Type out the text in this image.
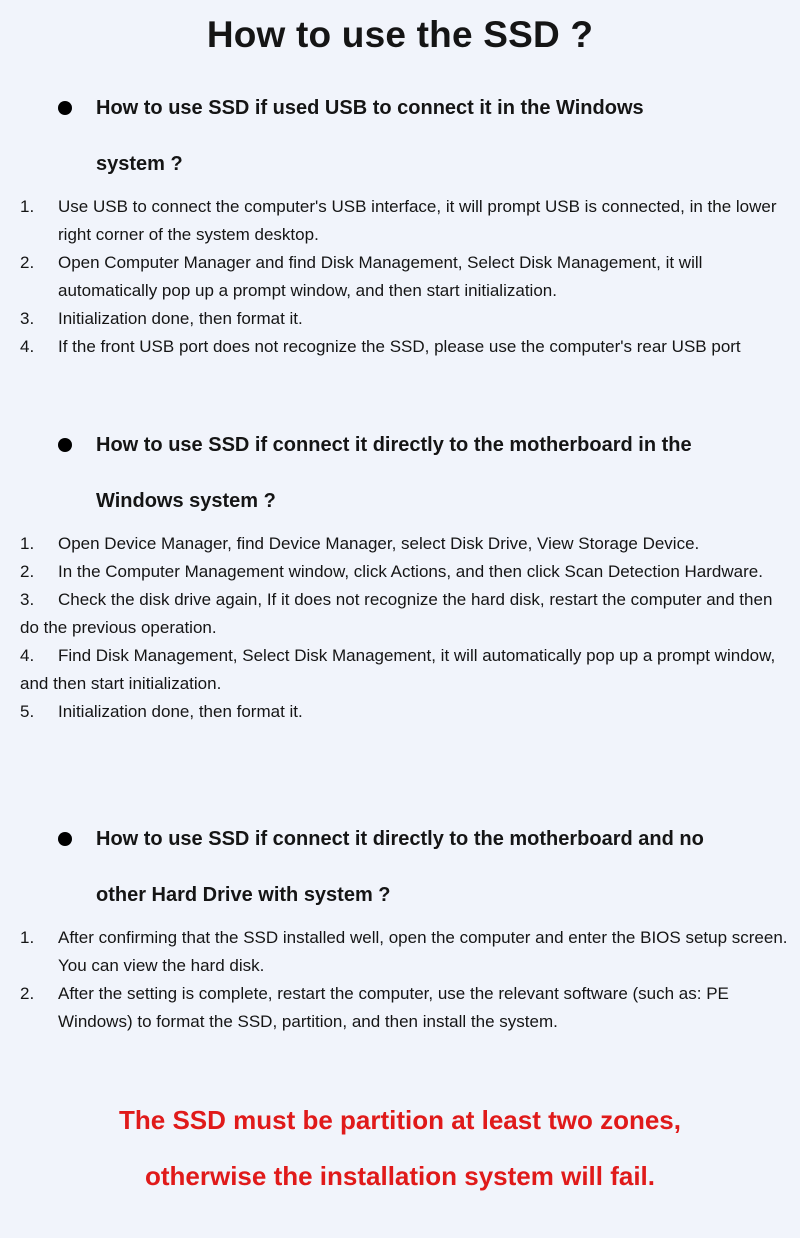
How to use the SSD ?
How to use SSD if used USB to connect it in the Windows
system ?
1. Use USB to connect the computer's USB interface, it will prompt USB is connected, in the lower right corner of the system desktop.
2. Open Computer Manager and find Disk Management, Select Disk Management, it will automatically pop up a prompt window, and then start initialization.
3. Initialization done, then format it.
4. If the front USB port does not recognize the SSD, please use the computer's rear USB port
How to use SSD if connect it directly to the motherboard in the
Windows system ?
1. Open Device Manager, find Device Manager, select Disk Drive, View Storage Device.
2. In the Computer Management window, click Actions, and then click Scan Detection Hardware.
3. Check the disk drive again, If it does not recognize the hard disk, restart the computer and then do the previous operation.
4. Find Disk Management, Select Disk Management, it will automatically pop up a prompt window, and then start initialization.
5. Initialization done, then format it.
How to use SSD if connect it directly to the motherboard and no
other Hard Drive with system ?
1. After confirming that the SSD installed well, open the computer and enter the BIOS setup screen. You can view the hard disk.
2. After the setting is complete, restart the computer, use the relevant software (such as: PE Windows) to format the SSD, partition, and then install the system.
The SSD must be partition at least two zones,
otherwise the installation system will fail.
